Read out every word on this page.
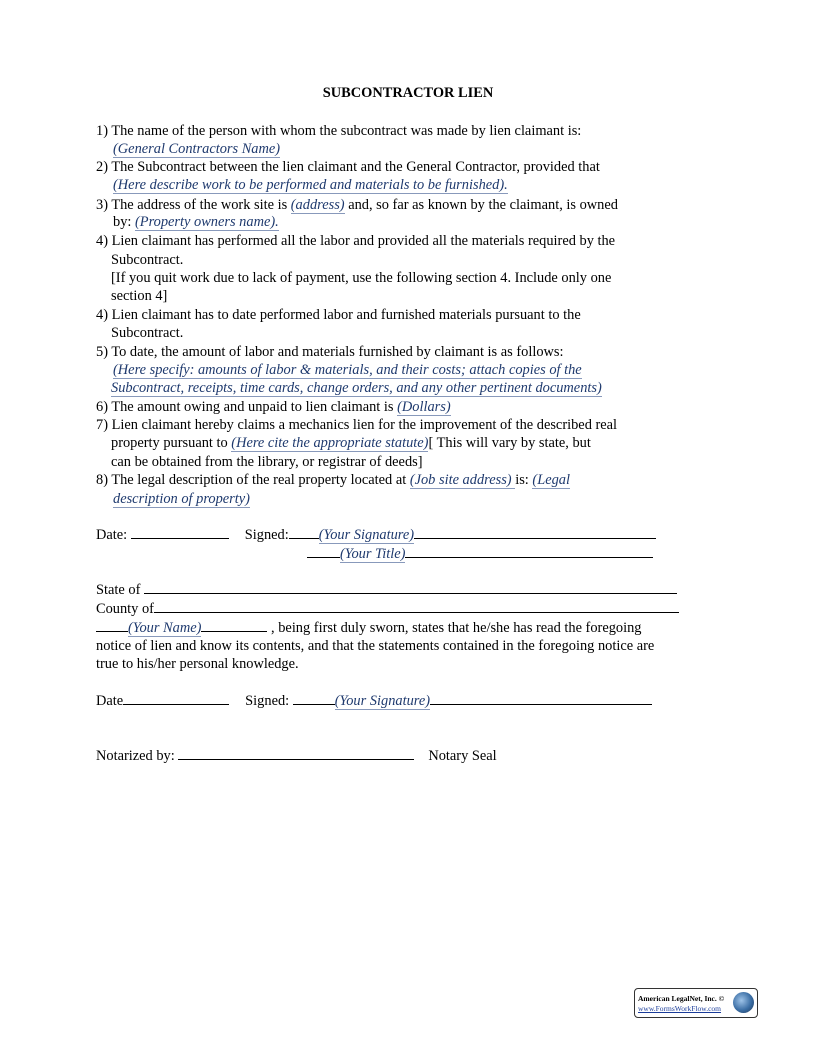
SUBCONTRACTOR LIEN
1) The name of the person with whom the subcontract was made by lien claimant is:
(General Contractors Name)
2) The Subcontract between the lien claimant and the General Contractor, provided that
(Here describe work to be performed and materials to be furnished).
3) The address of the work site is (address) and, so far as known by the claimant, is owned
by: (Property owners name).
4) Lien claimant has performed all the labor and provided all the materials required by the
Subcontract.
[If you quit work due to lack of payment, use the following section 4. Include only one
section 4]
4) Lien claimant has to date performed labor and furnished materials pursuant to the
Subcontract.
5) To date, the amount of labor and materials furnished by claimant is as follows:
(Here specify: amounts of labor & materials, and their costs; attach copies of the
Subcontract, receipts, time cards, change orders, and any other pertinent documents)
6) The amount owing and unpaid to lien claimant is (Dollars)
7) Lien claimant hereby claims a mechanics lien for the improvement of the described real
property pursuant to (Here cite the appropriate statute)[ This will vary by state, but
can be obtained from the library, or registrar of deeds]
8) The legal description of the real property located at (Job site address) is: (Legal
description of property)
Date:	Signed: (Your Signature)
(Your Title)
State of
County of
(Your Name)	, being first duly sworn, states that he/she has read the foregoing
notice of lien and know its contents, and that the statements contained in the foregoing notice are
true to his/her personal knowledge.
Date	Signed:	(Your Signature)
Notarized by:	Notary Seal
American LegalNet, Inc. ©
www.FormsWorkFlow.com
